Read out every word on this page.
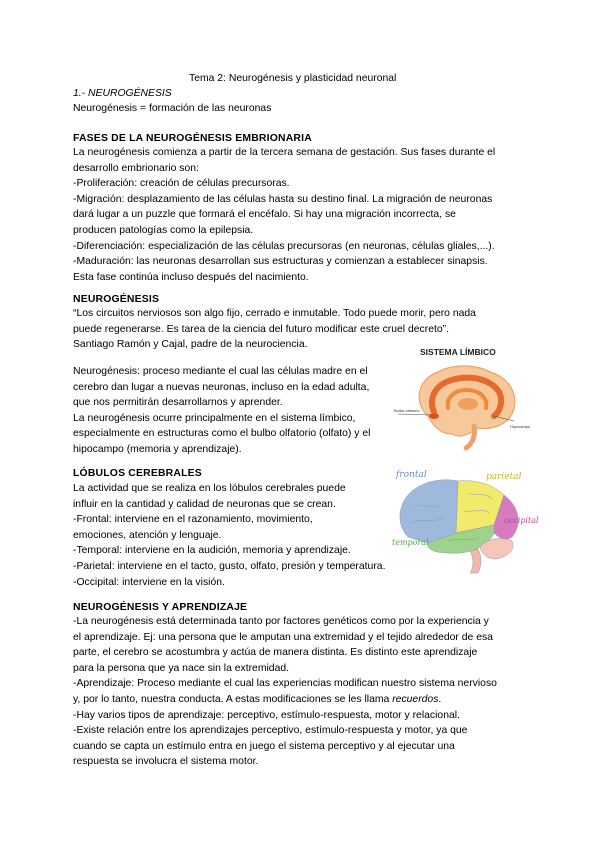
Tema 2: Neurogénesis y plasticidad neuronal

1.- NEUROGÉNESIS

Neurogénesis = formación de las neuronas

FASES DE LA NEUROGÉNESIS EMBRIONARIA

La neurogénesis comienza a partir de la tercera semana de gestación. Sus fases durante el

desarrollo embrionario son:

-Proliferación: creación de células precursoras.

-Migración: desplazamiento de las células hasta su destino final. La migración de neuronas

dará lugar a un puzzle que formará el encéfalo. Si hay una migración incorrecta, se

producen patologías como la epilepsia.

-Diferenciación: especialización de las células precursoras (en neuronas, células gliales,...).

-Maduración: las neuronas desarrollan sus estructuras y comienzan a establecer sinapsis.

Esta fase continúa incluso después del nacimiento.

NEUROGÉNESIS

“Los circuitos nerviosos son algo fijo, cerrado e inmutable. Todo puede morir, pero nada

puede regenerarse. Es tarea de la ciencia del futuro modificar este cruel decreto”.

Santiago Ramón y Cajal, padre de la neurociencia.

Neurogénesis: proceso mediante el cual las células madre en el

cerebro dan lugar a nuevas neuronas, incluso en la edad adulta,

que nos permitirán desarrollarnos y aprender.

La neurogénesis ocurre principalmente en el sistema límbico,

especialmente en estructuras como el bulbo olfatorio (olfato) y el

hipocampo (memoria y aprendizaje).

SISTEMA LÍMBICO
Bulbo olfatorio
Hipocampo
LÓBULOS CEREBRALES

La actividad que se realiza en los lóbulos cerebrales puede

influir en la cantidad y calidad de neuronas que se crean.

-Frontal: interviene en el razonamiento, movimiento,

emociones, atención y lenguaje.

-Temporal: interviene en la audición, memoria y aprendizaje.

-Parietal: interviene en el tacto, gusto, olfato, presión y temperatura.

-Occipital: interviene en la visión.

frontal	parietal
occipital
temporal
NEUROGÉNESIS Y APRENDIZAJE

-La neurogénesis está determinada tanto por factores genéticos como por la experiencia y

el aprendizaje. Ej: una persona que le amputan una extremidad y el tejido alrededor de esa

parte, el cerebro se acostumbra y actúa de manera distinta. Es distinto este aprendizaje

para la persona que ya nace sin la extremidad.

-Aprendizaje: Proceso mediante el cual las experiencias modifican nuestro sistema nervioso

y, por lo tanto, nuestra conducta. A estas modificaciones se les llama recuerdos.

-Hay varios tipos de aprendizaje: perceptivo, estímulo-respuesta, motor y relacional.

-Existe relación entre los aprendizajes perceptivo, estímulo-respuesta y motor, ya que

cuando se capta un estímulo entra en juego el sistema perceptivo y al ejecutar una

respuesta se involucra el sistema motor.
